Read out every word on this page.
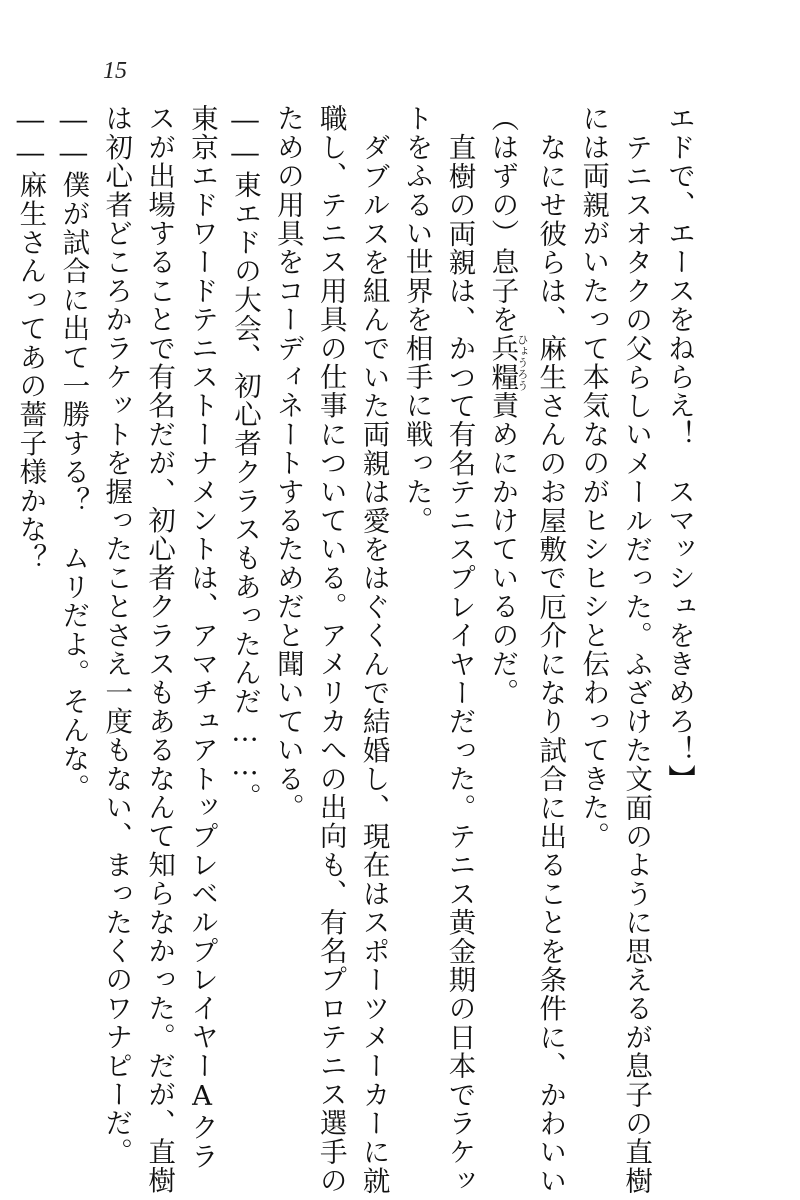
15
エドで、エースをねらえ！　スマッシュをきめろ！】
テニスオタクの父らしいメールだった。ふざけた文面のように思えるが息子の直樹
には両親がいたって本気なのがヒシヒシと伝わってきた。
なにせ彼らは、麻生さんのお屋敷で厄介になり試合に出ることを条件に、かわいい
（はずの）息子を兵糧ひょうろう責めにかけているのだ。
直樹の両親は、かつて有名テニスプレイヤーだった。テニス黄金期の日本でラケッ
トをふるい世界を相手に戦った。
ダブルスを組んでいた両親は愛をはぐくんで結婚し、現在はスポーツメーカーに就
職し、テニス用具の仕事についている。アメリカへの出向も、有名プロテニス選手の
ための用具をコーディネートするためだと聞いている。
――東エドの大会、初心者クラスもあったんだ……。
東京エドワードテニストーナメントは、アマチュアトップレベルプレイヤーAクラ
スが出場することで有名だが、初心者クラスもあるなんて知らなかった。だが、直樹
は初心者どころかラケットを握ったことさえ一度もない、まったくのワナピーだ。
――僕が試合に出て一勝する？　ムリだよ。そんな。
――麻生さんってあの薔子様かな？
